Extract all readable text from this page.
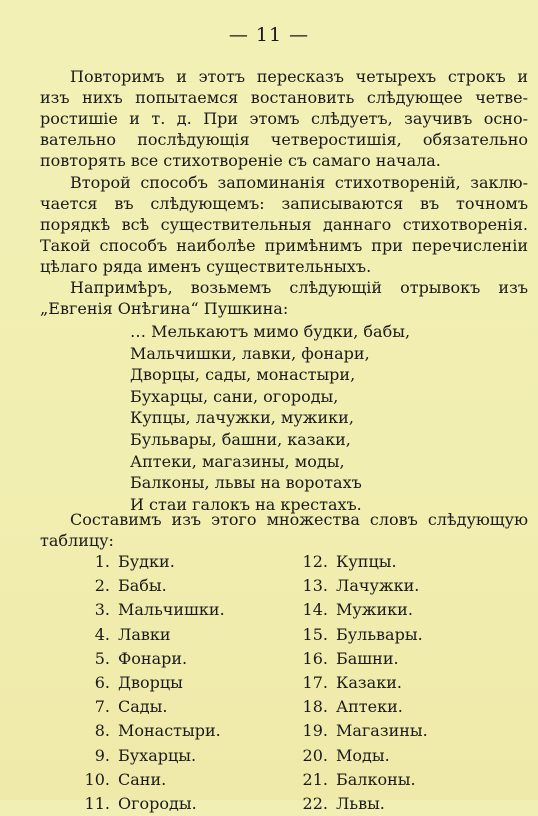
— 11 —
Повторимъ и этотъ пересказъ четырехъ строкъ и
изъ нихъ попытаемся востановить слѣдующее четве-
ростишіе и т. д. При этомъ слѣдуетъ, заучивъ осно-
вательно послѣдующія четверостишія, обязательно
повторять все стихотвореніе съ самаго начала.
Второй способъ запоминанія стихотвореній, заклю-
чается въ слѣдующемъ: записываются въ точномъ
порядкѣ всѣ существительныя даннаго стихотворенія.
Такой способъ наиболѣе примѣнимъ при перечисленіи
цѣлаго ряда именъ существительныхъ.
Напримѣръ, возьмемъ слѣдующій отрывокъ изъ
„Евгенія Онѣгина“ Пушкина:
… Мелькаютъ мимо будки, бабы,
Мальчишки, лавки, фонари,
Дворцы, сады, монастыри,
Бухарцы, сани, огороды,
Купцы, лачужки, мужики,
Бульвары, башни, казаки,
Аптеки, магазины, моды,
Балконы, львы на воротахъ
И стаи галокъ на крестахъ.
Составимъ изъ этого множества словъ слѣдующую
таблицу:
1. Будки.
2. Бабы.
3. Мальчишки.
4. Лавки
5. Фонари.
6. Дворцы
7. Сады.
8. Монастыри.
9. Бухарцы.
10. Сани.
11. Огороды.
12. Купцы.
13. Лачужки.
14. Мужики.
15. Бульвары.
16. Башни.
17. Казаки.
18. Аптеки.
19. Магазины.
20. Моды.
21. Балконы.
22. Львы.
